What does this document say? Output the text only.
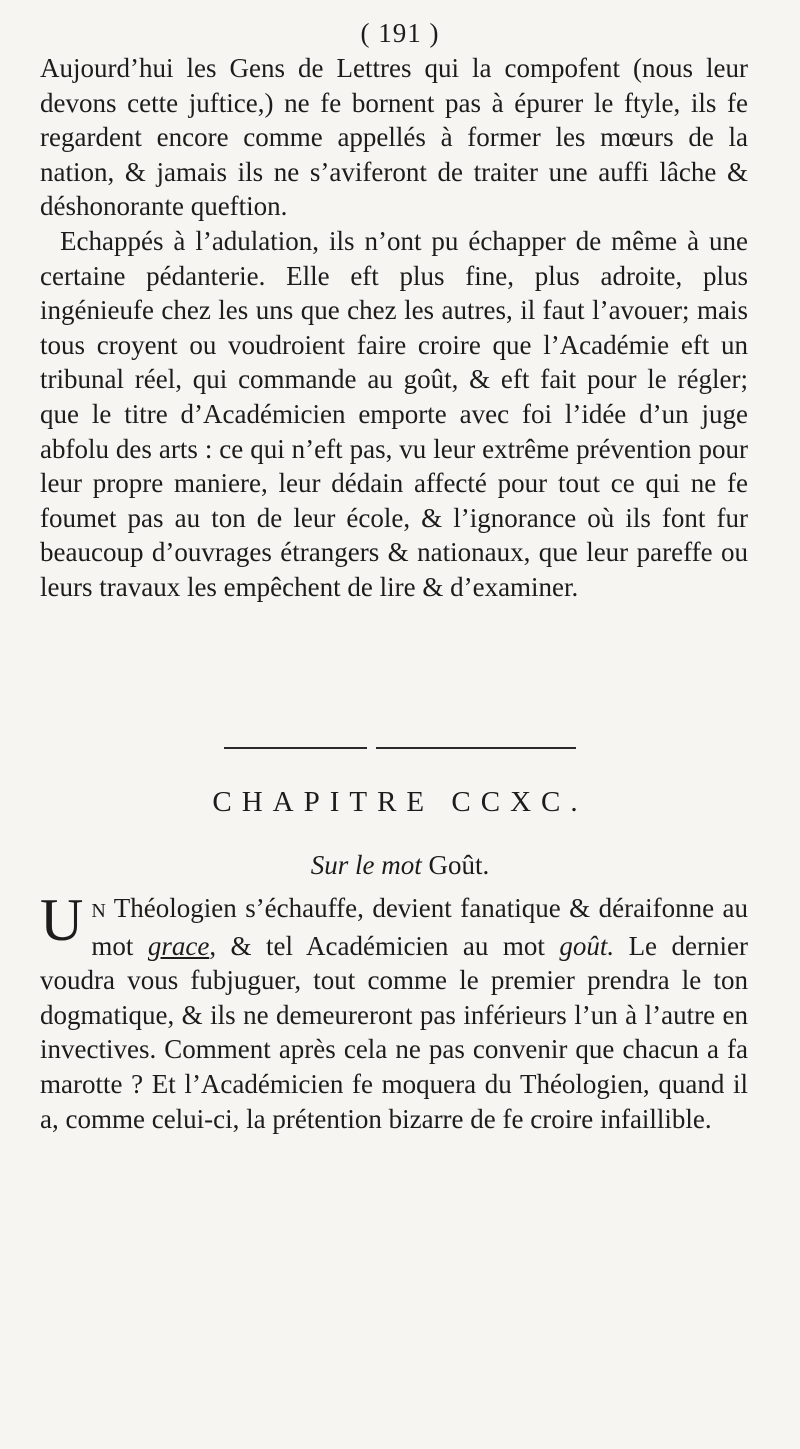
( 191 )

Aujourd’hui les Gens de Lettres qui la compofent (nous leur devons cette juftice,) ne fe bornent pas à épurer le ftyle, ils fe regardent encore comme appellés à former les mœurs de la nation, & jamais ils ne s’aviferont de traiter une auffi lâche & déshonorante queftion.

Echappés à l’adulation, ils n’ont pu échapper de même à une certaine pédanterie. Elle eft plus fine, plus adroite, plus ingénieufe chez les uns que chez les autres, il faut l’avouer; mais tous croyent ou voudroient faire croire que l’Académie eft un tribunal réel, qui commande au goût, & eft fait pour le régler; que le titre d’Académicien emporte avec foi l’idée d’un juge abfolu des arts : ce qui n’eft pas, vu leur extrême prévention pour leur propre maniere, leur dédain affecté pour tout ce qui ne fe foumet pas au ton de leur école, & l’ignorance où ils font fur beaucoup d’ouvrages étrangers & nationaux, que leur pareffe ou leurs travaux les empêchent de lire & d’examiner.

CHAPITRE CCXC.
Sur le mot Goût.

U N Théologien s’échauffe, devient fanatique & déraifonne au mot grace, & tel Académicien au mot goût. Le dernier voudra vous fubjuguer, tout comme le premier prendra le ton dogmatique, & ils ne demeureront pas inférieurs l’un à l’autre en invectives. Comment après cela ne pas convenir que chacun a fa marotte ? Et l’Académicien fe moquera du Théologien, quand il a, comme celui-ci, la prétention bizarre de fe croire infaillible.
